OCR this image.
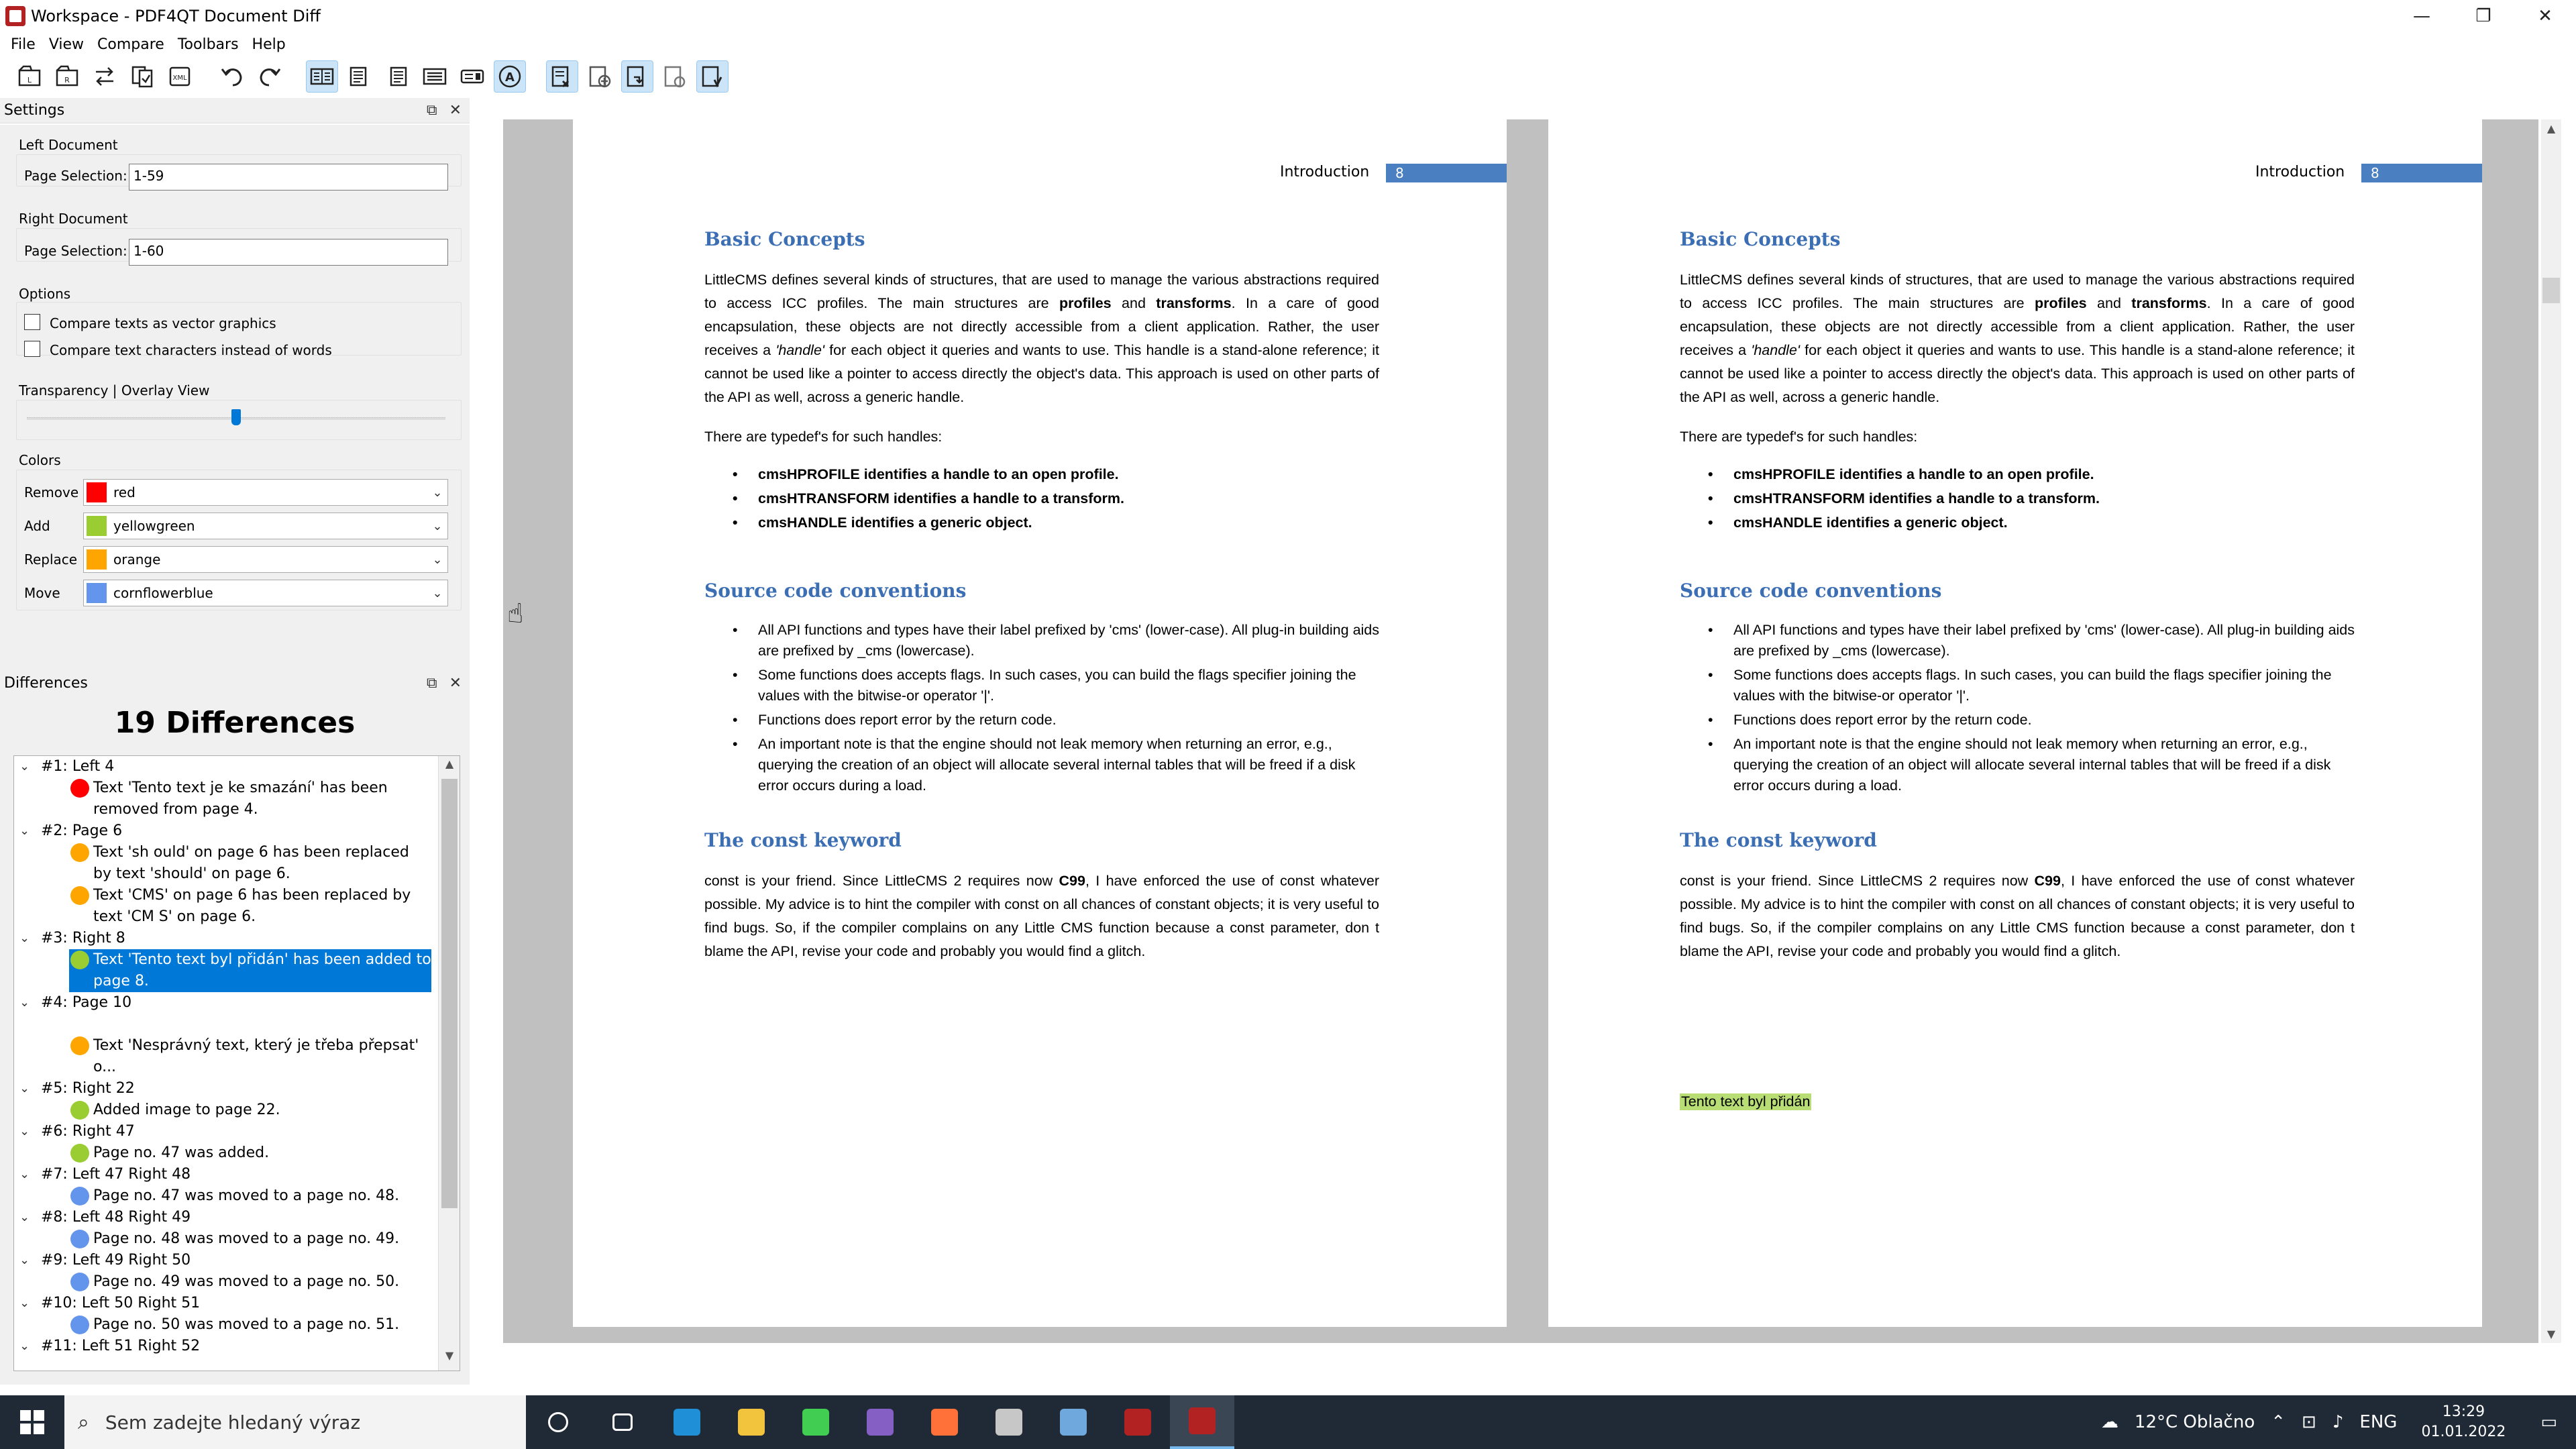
Workspace - PDF4QT Document Diff	—	❐	✕
File View Compare Toolbars Help
L	R	XML	A
Settings	⧉ ✕
Left Document
Page Selection: 1-59
Right Document
Page Selection: 1-60
Options
Compare texts as vector graphics
Compare text characters instead of words
Transparency | Overlay View
Colors
Remove	red	⌄
Add	yellowgreen	⌄
Replace	orange	⌄
Move	cornflowerblue	⌄
Differences	⧉ ✕
19 Differences
⌄ #1: Left 4
Text 'Tento text je ke smazání' has been removed from page 4.
⌄ #2: Page 6
Text 'sh ould' on page 6 has been replaced by text 'should' on page 6.
Text 'CMS' on page 6 has been replaced by text 'CM S' on page 6.
⌄ #3: Right 8
Text 'Tento text byl přidán' has been added to page 8.
⌄ #4: Page 10
Text 'Nesprávný text, který je třeba přepsat' o...
⌄ #5: Right 22
Added image to page 22.
⌄ #6: Right 47
Page no. 47 was added.
⌄ #7: Left 47 Right 48
Page no. 47 was moved to a page no. 48.
⌄ #8: Left 48 Right 49
Page no. 48 was moved to a page no. 49.
⌄ #9: Left 49 Right 50
Page no. 49 was moved to a page no. 50.
⌄ #10: Left 50 Right 51
Page no. 50 was moved to a page no. 51.
⌄ #11: Left 51 Right 52
▲
▼
Introduction	8
Basic Concepts
LittleCMS defines several kinds of structures, that are used to manage the various abstractions required to access ICC profiles. The main structures are profiles and transforms. In a care of good encapsulation, these objects are not directly accessible from a client application. Rather, the user receives a 'handle' for each object it queries and wants to use. This handle is a stand-alone reference; it cannot be used like a pointer to access directly the object's data. This approach is used on other parts of the API as well, across a generic handle.
There are typedef's for such handles:
• cmsHPROFILE identifies a handle to an open profile.
• cmsHTRANSFORM identifies a handle to a transform.
• cmsHANDLE identifies a generic object.
Source code conventions
• All API functions and types have their label prefixed by 'cms' (lower-case). All plug-in building aids are prefixed by _cms (lowercase).
• Some functions does accepts flags. In such cases, you can build the flags specifier joining the values with the bitwise-or operator '|'.
• Functions does report error by the return code.
• An important note is that the engine should not leak memory when returning an error, e.g., querying the creation of an object will allocate several internal tables that will be freed if a disk error occurs during a load.
The const keyword
const is your friend. Since LittleCMS 2 requires now C99, I have enforced the use of const whatever possible. My advice is to hint the compiler with const on all chances of constant objects; it is very useful to find bugs. So, if the compiler complains on any Little CMS function because a const parameter, don t blame the API, revise your code and probably you would find a glitch.
Introduction	8
Basic Concepts
LittleCMS defines several kinds of structures, that are used to manage the various abstractions required to access ICC profiles. The main structures are profiles and transforms. In a care of good encapsulation, these objects are not directly accessible from a client application. Rather, the user receives a 'handle' for each object it queries and wants to use. This handle is a stand-alone reference; it cannot be used like a pointer to access directly the object's data. This approach is used on other parts of the API as well, across a generic handle.
There are typedef's for such handles:
• cmsHPROFILE identifies a handle to an open profile.
• cmsHTRANSFORM identifies a handle to a transform.
• cmsHANDLE identifies a generic object.
Source code conventions
• All API functions and types have their label prefixed by 'cms' (lower-case). All plug-in building aids are prefixed by _cms (lowercase).
• Some functions does accepts flags. In such cases, you can build the flags specifier joining the values with the bitwise-or operator '|'.
• Functions does report error by the return code.
• An important note is that the engine should not leak memory when returning an error, e.g., querying the creation of an object will allocate several internal tables that will be freed if a disk error occurs during a load.
The const keyword
const is your friend. Since LittleCMS 2 requires now C99, I have enforced the use of const whatever possible. My advice is to hint the compiler with const on all chances of constant objects; it is very useful to find bugs. So, if the compiler complains on any Little CMS function because a const parameter, don t blame the API, revise your code and probably you would find a glitch.
Tento text byl přidán
▲
▼
☝
⌕ Sem zadejte hledaný výraz	☁ 12°C Oblačno ⌃ ⊡ ♪ ENG
13:29
01.01.2022	▭
